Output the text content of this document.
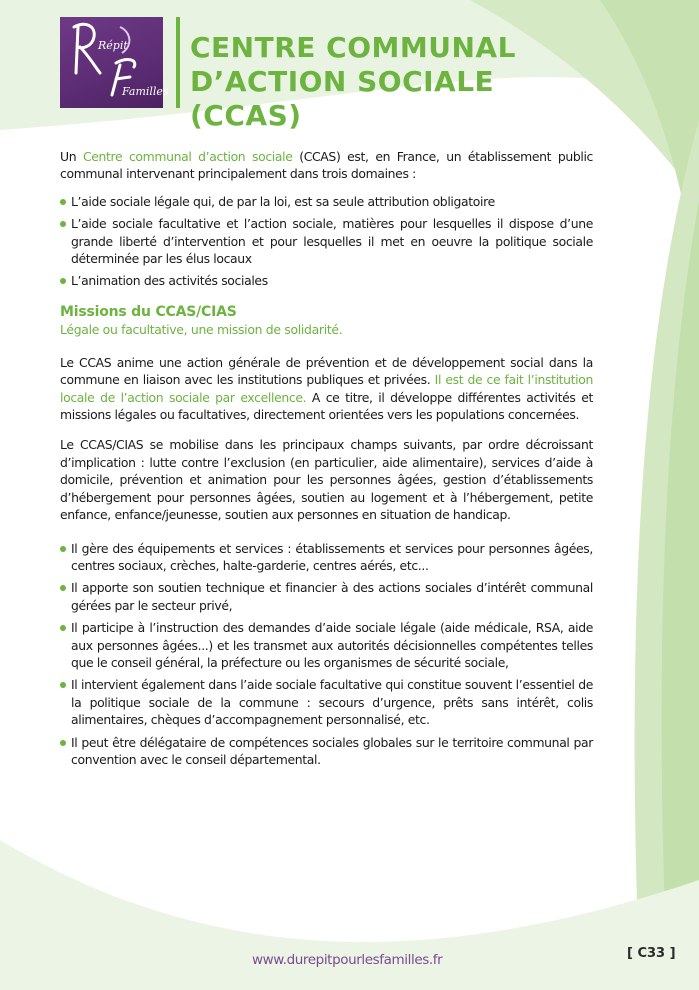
Répit
Familles
CENTRE COMMUNAL
D’ACTION SOCIALE (CCAS)

Un Centre communal d’action sociale (CCAS) est, en France, un établissement public communal intervenant principalement dans trois domaines :

L’aide sociale légale qui, de par la loi, est sa seule attribution obligatoire
L’aide sociale facultative et l’action sociale, matières pour lesquelles il dispose d’une grande liberté d’intervention et pour lesquelles il met en oeuvre la politique sociale déterminée par les élus locaux
L’animation des activités sociales
Missions du CCAS/CIAS
Légale ou facultative, une mission de solidarité.

Le CCAS anime une action générale de prévention et de développement social dans la commune en liaison avec les institutions publiques et privées. Il est de ce fait l’institution locale de l’action sociale par excellence. A ce titre, il développe différentes activités et missions légales ou facultatives, directement orientées vers les populations concernées.

Le CCAS/CIAS se mobilise dans les principaux champs suivants, par ordre décroissant d’implication : lutte contre l’exclusion (en particulier, aide alimentaire), services d’aide à domicile, prévention et animation pour les personnes âgées, gestion d’établissements d’hébergement pour personnes âgées, soutien au logement et à l’hébergement, petite enfance, enfance/jeunesse, soutien aux personnes en situation de handicap.

Il gère des équipements et services : établissements et services pour personnes âgées, centres sociaux, crèches, halte-garderie, centres aérés, etc...
Il apporte son soutien technique et financier à des actions sociales d’intérêt communal gérées par le secteur privé,
Il participe à l’instruction des demandes d’aide sociale légale (aide médicale, RSA, aide aux personnes âgées...) et les transmet aux autorités décisionnelles compétentes telles que le conseil général, la préfecture ou les organismes de sécurité sociale,
Il intervient également dans l’aide sociale facultative qui constitue souvent l’essentiel de la politique sociale de la commune : secours d’urgence, prêts sans intérêt, colis alimentaires, chèques d’accompagnement personnalisé, etc.
Il peut être délégataire de compétences sociales globales sur le territoire communal par convention avec le conseil départemental.
www.durepitpourlesfamilles.fr	[ C33 ]
